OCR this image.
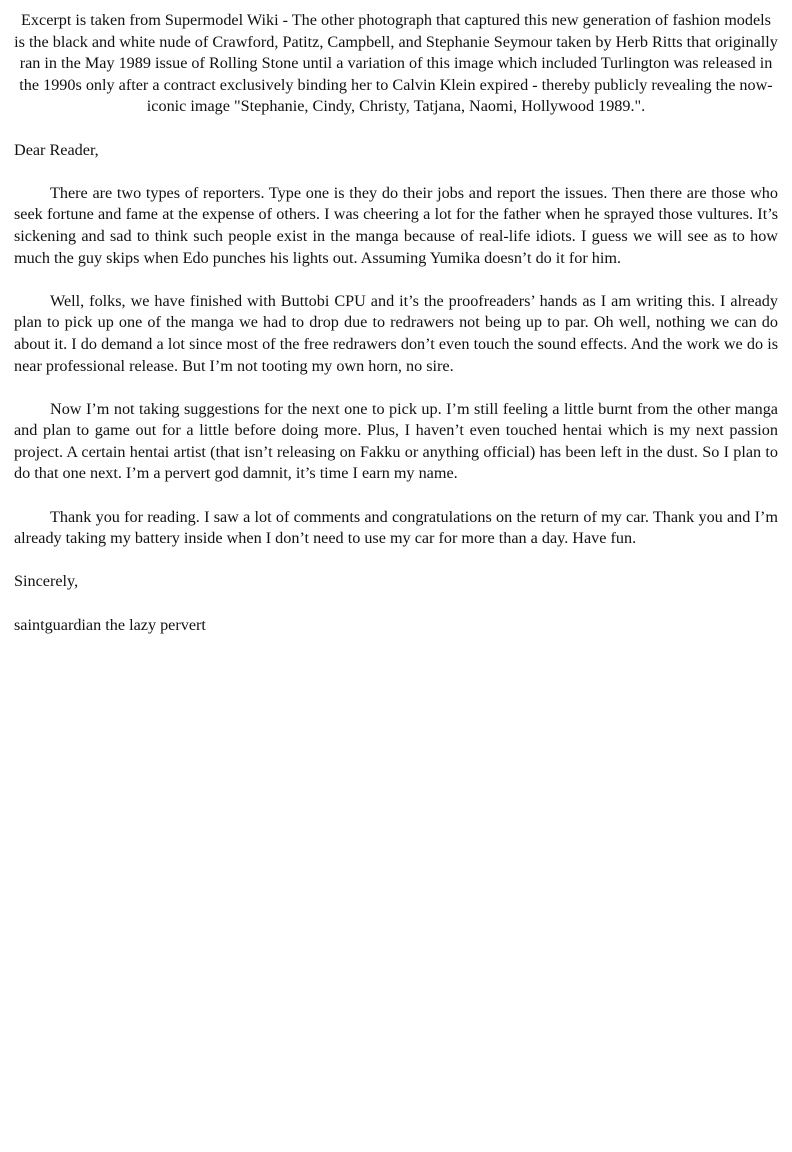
Excerpt is taken from Supermodel Wiki - The other photograph that captured this new generation of fashion models is the black and white nude of Crawford, Patitz, Campbell, and Stephanie Seymour taken by Herb Ritts that originally ran in the May 1989 issue of Rolling Stone until a variation of this image which included Turlington was released in the 1990s only after a contract exclusively binding her to Calvin Klein expired - thereby publicly revealing the now-iconic image "Stephanie, Cindy, Christy, Tatjana, Naomi, Hollywood 1989.".

Dear Reader,

There are two types of reporters. Type one is they do their jobs and report the issues. Then there are those who seek fortune and fame at the expense of others. I was cheering a lot for the father when he sprayed those vultures. It’s sickening and sad to think such people exist in the manga because of real-life idiots. I guess we will see as to how much the guy skips when Edo punches his lights out. Assuming Yumika doesn’t do it for him.

Well, folks, we have finished with Buttobi CPU and it’s the proofreaders’ hands as I am writing this. I already plan to pick up one of the manga we had to drop due to redrawers not being up to par. Oh well, nothing we can do about it. I do demand a lot since most of the free redrawers don’t even touch the sound effects. And the work we do is near professional release. But I’m not tooting my own horn, no sire.

Now I’m not taking suggestions for the next one to pick up. I’m still feeling a little burnt from the other manga and plan to game out for a little before doing more. Plus, I haven’t even touched hentai which is my next passion project. A certain hentai artist (that isn’t releasing on Fakku or anything official) has been left in the dust. So I plan to do that one next. I’m a pervert god damnit, it’s time I earn my name.

Thank you for reading. I saw a lot of comments and congratulations on the return of my car. Thank you and I’m already taking my battery inside when I don’t need to use my car for more than a day. Have fun.

Sincerely,

saintguardian the lazy pervert
